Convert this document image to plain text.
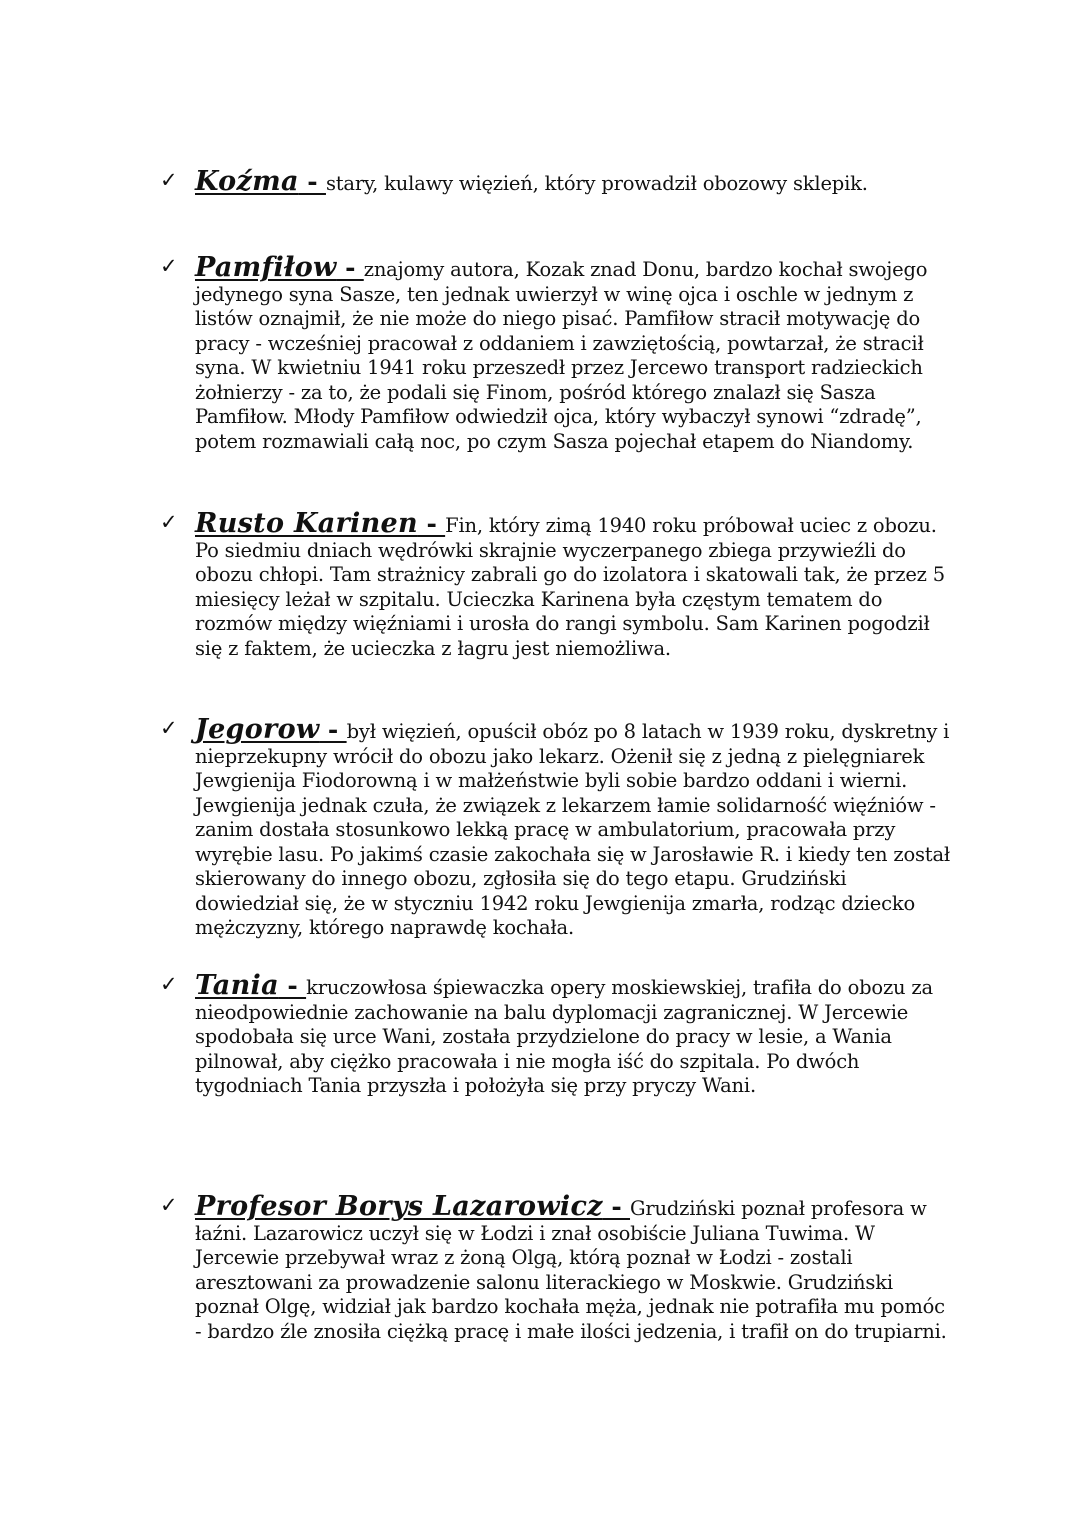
✓ Koźma - stary, kulawy więzień, który prowadził obozowy sklepik.
✓ Pamfiłow - znajomy autora, Kozak znad Donu, bardzo kochał swojego jedynego syna Sasze, ten jednak uwierzył w winę ojca i oschle w jednym z listów oznajmił, że nie może do niego pisać. Pamfiłow stracił motywację do pracy - wcześniej pracował z oddaniem i zawziętością, powtarzał, że stracił syna. W kwietniu 1941 roku przeszedł przez Jercewo transport radzieckich żołnierzy - za to, że podali się Finom, pośród którego znalazł się Sasza Pamfiłow. Młody Pamfiłow odwiedził ojca, który wybaczył synowi “zdradę”, potem rozmawiali całą noc, po czym Sasza pojechał etapem do Niandomy.
✓ Rusto Karinen - Fin, który zimą 1940 roku próbował uciec z obozu. Po siedmiu dniach wędrówki skrajnie wyczerpanego zbiega przywieźli do obozu chłopi. Tam strażnicy zabrali go do izolatora i skatowali tak, że przez 5 miesięcy leżał w szpitalu. Ucieczka Karinena była częstym tematem do rozmów między więźniami i urosła do rangi symbolu. Sam Karinen pogodził się z faktem, że ucieczka z łagru jest niemożliwa.
✓ Jegorow - był więzień, opuścił obóz po 8 latach w 1939 roku, dyskretny i nieprzekupny wrócił do obozu jako lekarz. Ożenił się z jedną z pielęgniarek Jewgienija Fiodorowną i w małżeństwie byli sobie bardzo oddani i wierni. Jewgienija jednak czuła, że związek z lekarzem łamie solidarność więźniów - zanim dostała stosunkowo lekką pracę w ambulatorium, pracowała przy wyrębie lasu. Po jakimś czasie zakochała się w Jarosławie R. i kiedy ten został skierowany do innego obozu, zgłosiła się do tego etapu. Grudziński dowiedział się, że w styczniu 1942 roku Jewgienija zmarła, rodząc dziecko mężczyzny, którego naprawdę kochała.
✓ Tania - kruczowłosa śpiewaczka opery moskiewskiej, trafiła do obozu za nieodpowiednie zachowanie na balu dyplomacji zagranicznej. W Jercewie spodobała się urce Wani, została przydzielone do pracy w lesie, a Wania pilnował, aby ciężko pracowała i nie mogła iść do szpitala. Po dwóch tygodniach Tania przyszła i położyła się przy pryczy Wani.
✓ Profesor Borys Lazarowicz - Grudziński poznał profesora w łaźni. Lazarowicz uczył się w Łodzi i znał osobiście Juliana Tuwima. W Jercewie przebywał wraz z żoną Olgą, którą poznał w Łodzi - zostali aresztowani za prowadzenie salonu literackiego w Moskwie. Grudziński poznał Olgę, widział jak bardzo kochała męża, jednak nie potrafiła mu pomóc - bardzo źle znosiła ciężką pracę i małe ilości jedzenia, i trafił on do trupiarni.
